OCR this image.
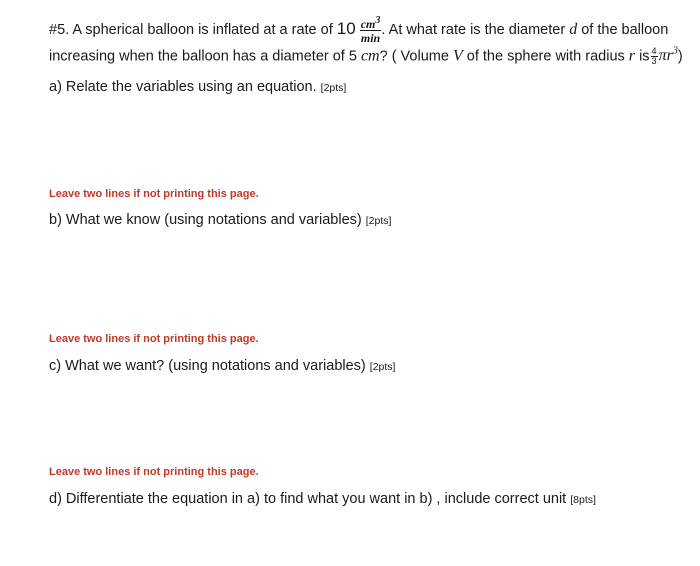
#5. A spherical balloon is inflated at a rate of $10 \frac{cm^3}{\min}$ . At what rate is the diameter d of the balloon
increasing when the balloon has a diameter of 5 cm? ( Volume V of the sphere with radius r is $\frac{4}{3} \pi r^3$)
a) Relate the variables using an equation. [2pts]
Leave two lines if not printing this page.
b) What we know (using notations and variables) [2pts]
Leave two lines if not printing this page.
c) What we want? (using notations and variables) [2pts]
Leave two lines if not printing this page.
d) Differentiate the equation in a) to find what you want in b) , include correct unit [8pts]
